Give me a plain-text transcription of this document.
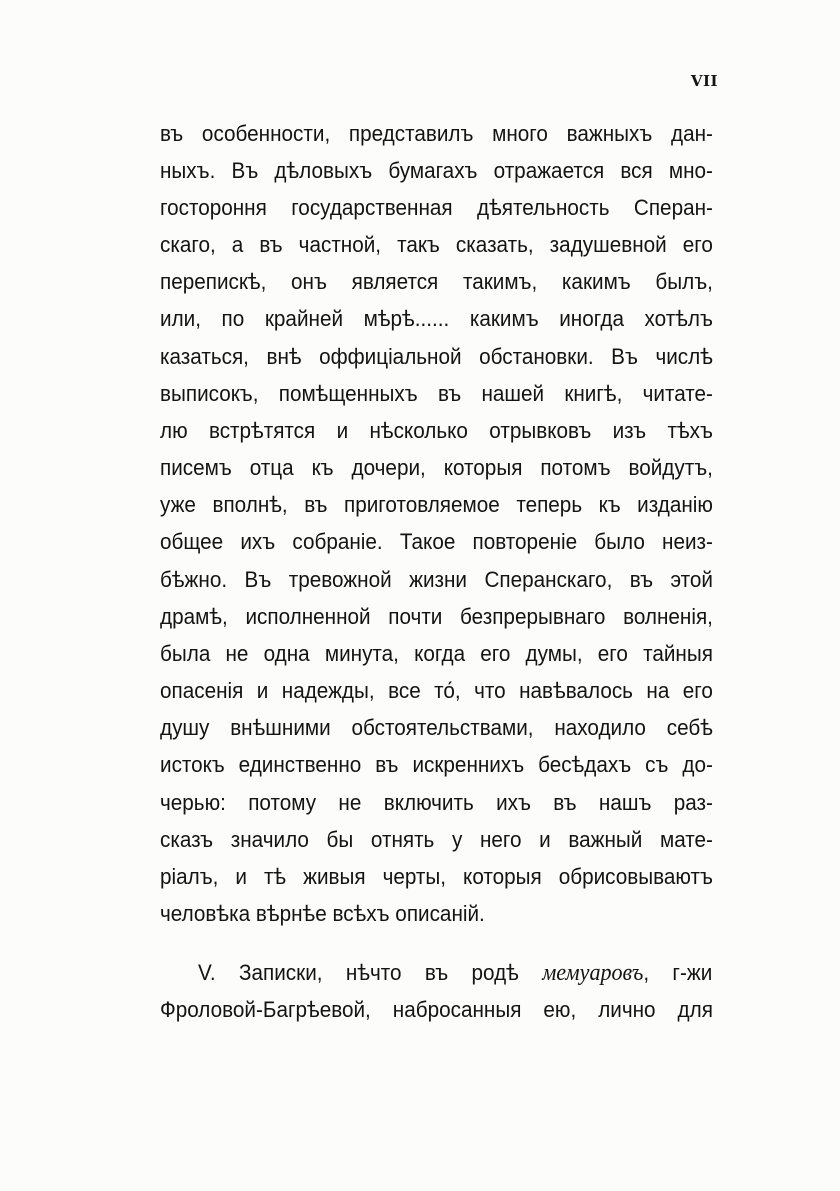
VII
въ особенности, представилъ много важныхъ дан-
ныхъ. Въ дѣловыхъ бумагахъ отражается вся мно-
гостороння государственная дѣятельность Сперан-
скаго, а въ частной, такъ сказать, задушевной его
перепискѣ, онъ является такимъ, какимъ былъ,
или, по крайней мѣрѣ...... какимъ иногда хотѣлъ
казаться, внѣ оффиціальной обстановки. Въ числѣ
выписокъ, помѣщенныхъ въ нашей книгѣ, читате-
лю встрѣтятся и нѣсколько отрывковъ изъ тѣхъ
писемъ отца къ дочери, которыя потомъ войдутъ,
уже вполнѣ, въ приготовляемое теперь къ изданію
общее ихъ собраніе. Такое повтореніе было неиз-
бѣжно. Въ тревожной жизни Сперанскаго, въ этой
драмѣ, исполненной почти безпрерывнаго волненія,
была не одна минута, когда его думы, его тайныя
опасенія и надежды, все то́, что навѣвалось на его
душу внѣшними обстоятельствами, находило себѣ
истокъ единственно въ искреннихъ бесѣдахъ съ до-
черью: потому не включить ихъ въ нашъ раз-
сказъ значило бы отнять у него и важный мате-
ріалъ, и тѣ живыя черты, которыя обрисовываютъ
человѣка вѣрнѣе всѣхъ описаній.
V. Записки, нѣчто въ родѣ мемуаровъ, г-жи
Фроловой-Багрѣевой, набросанныя ею, лично для
